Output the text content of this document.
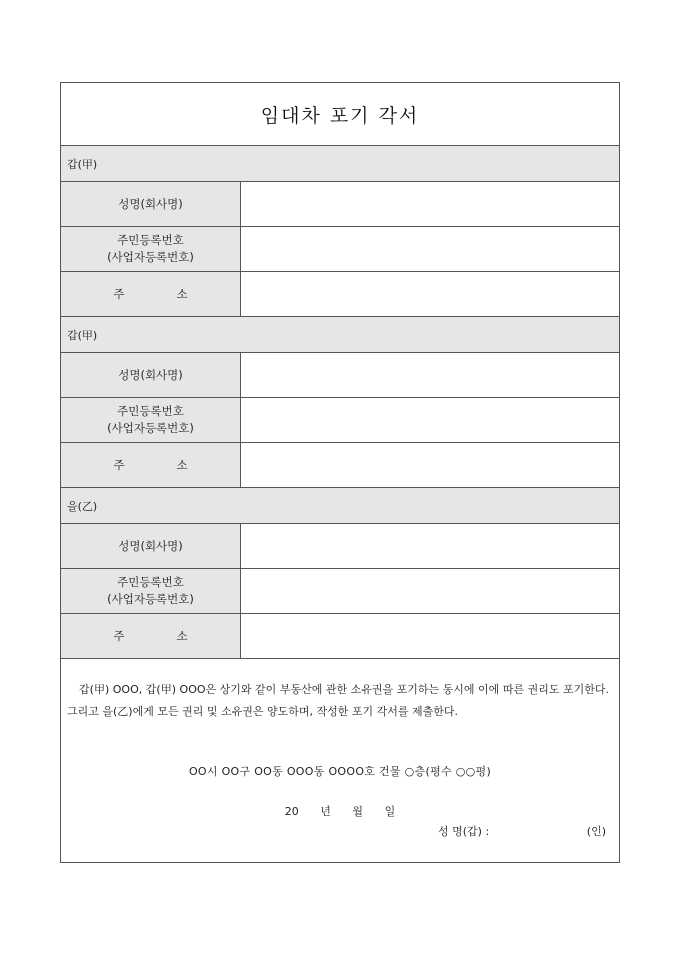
임대차 포기 각서
갑(甲)
성명(회사명)
주민등록번호
(사업자등록번호)
주	소
갑(甲)
성명(회사명)
주민등록번호
(사업자등록번호)
주	소
을(乙)
성명(회사명)
주민등록번호
(사업자등록번호)
주	소
갑(甲) OOO, 갑(甲) OOO은 상기와 같이 부동산에 관한 소유권을 포기하는 동시에 이에 따른 권리도 포기한다. 그리고 을(乙)에게 모든 권리 및 소유권은 양도하며, 작성한 포기 각서를 제출한다.
OO시 OO구 OO동 OOO동 OOOO호 건물 ○층(평수 ○○평)
20 년 월 일
성 명(갑) :	(인)
